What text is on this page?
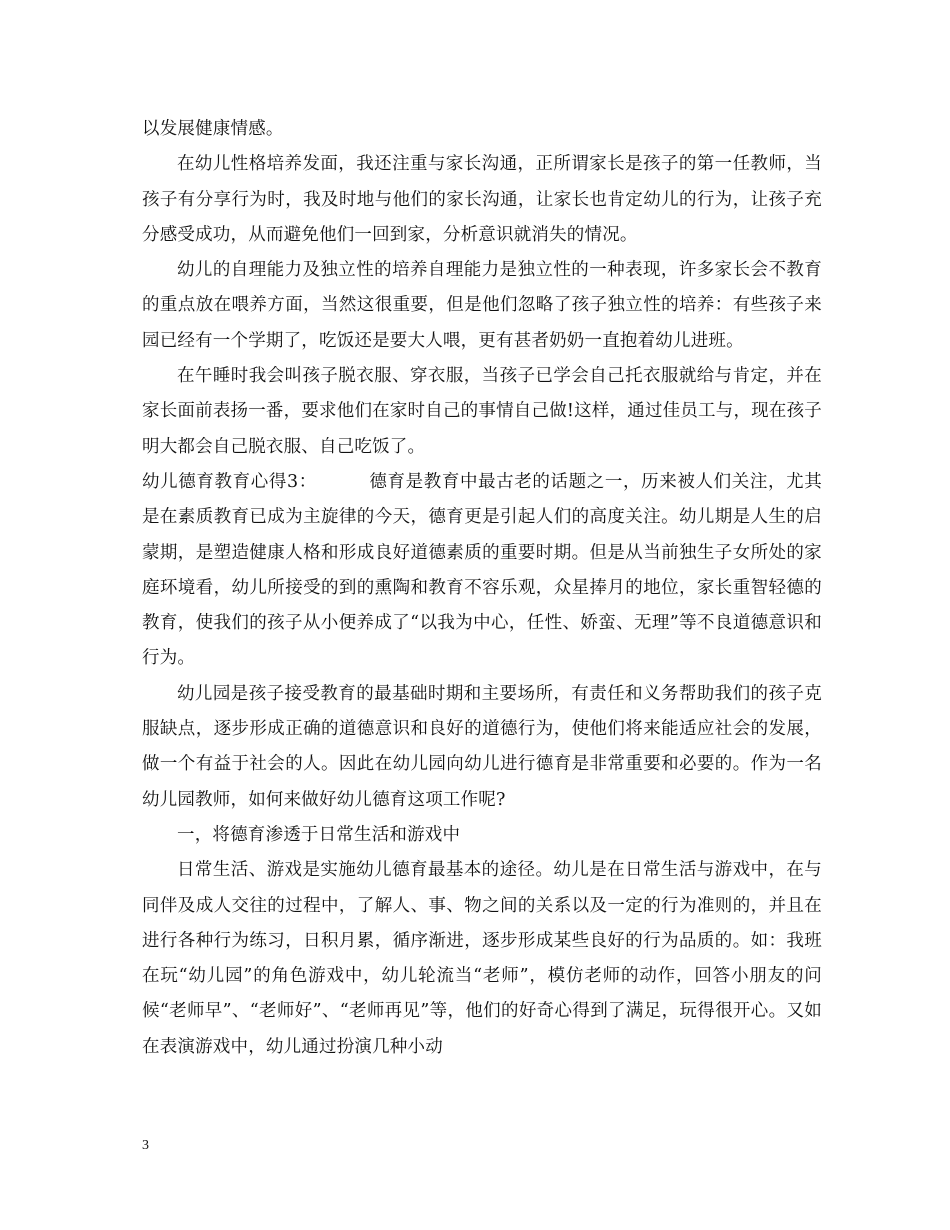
以发展健康情感。

在幼儿性格培养发面，我还注重与家长沟通，正所谓家长是孩子的第一任教师，当孩子有分享行为时，我及时地与他们的家长沟通，让家长也肯定幼儿的行为，让孩子充分感受成功，从而避免他们一回到家，分析意识就消失的情况。

幼儿的自理能力及独立性的培养自理能力是独立性的一种表现，许多家长会不教育的重点放在喂养方面，当然这很重要，但是他们忽略了孩子独立性的培养：有些孩子来园已经有一个学期了，吃饭还是要大人喂，更有甚者奶奶一直抱着幼儿进班。

在午睡时我会叫孩子脱衣服、穿衣服，当孩子已学会自己托衣服就给与肯定，并在家长面前表扬一番，要求他们在家时自己的事情自己做!这样，通过佳员工与，现在孩子明大都会自己脱衣服、自己吃饭了。

幼儿德育教育心得3：	德育是教育中最古老的话题之一，历来被人们关注，尤其是在素质教育已成为主旋律的今天，德育更是引起人们的高度关注。幼儿期是人生的启蒙期，是塑造健康人格和形成良好道德素质的重要时期。但是从当前独生子女所处的家庭环境看，幼儿所接受的到的熏陶和教育不容乐观，众星捧月的地位，家长重智轻德的教育，使我们的孩子从小便养成了“以我为中心，任性、娇蛮、无理”等不良道德意识和行为。

幼儿园是孩子接受教育的最基础时期和主要场所，有责任和义务帮助我们的孩子克服缺点，逐步形成正确的道德意识和良好的道德行为，使他们将来能适应社会的发展，做一个有益于社会的人。因此在幼儿园向幼儿进行德育是非常重要和必要的。作为一名幼儿园教师，如何来做好幼儿德育这项工作呢?

一，将德育渗透于日常生活和游戏中

日常生活、游戏是实施幼儿德育最基本的途径。幼儿是在日常生活与游戏中，在与同伴及成人交往的过程中，了解人、事、物之间的关系以及一定的行为准则的，并且在进行各种行为练习，日积月累，循序渐进，逐步形成某些良好的行为品质的。如：我班在玩“幼儿园”的角色游戏中，幼儿轮流当“老师”，模仿老师的动作，回答小朋友的问候“老师早”、“老师好”、“老师再见”等，他们的好奇心得到了满足，玩得很开心。又如在表演游戏中，幼儿通过扮演几种小动

3
